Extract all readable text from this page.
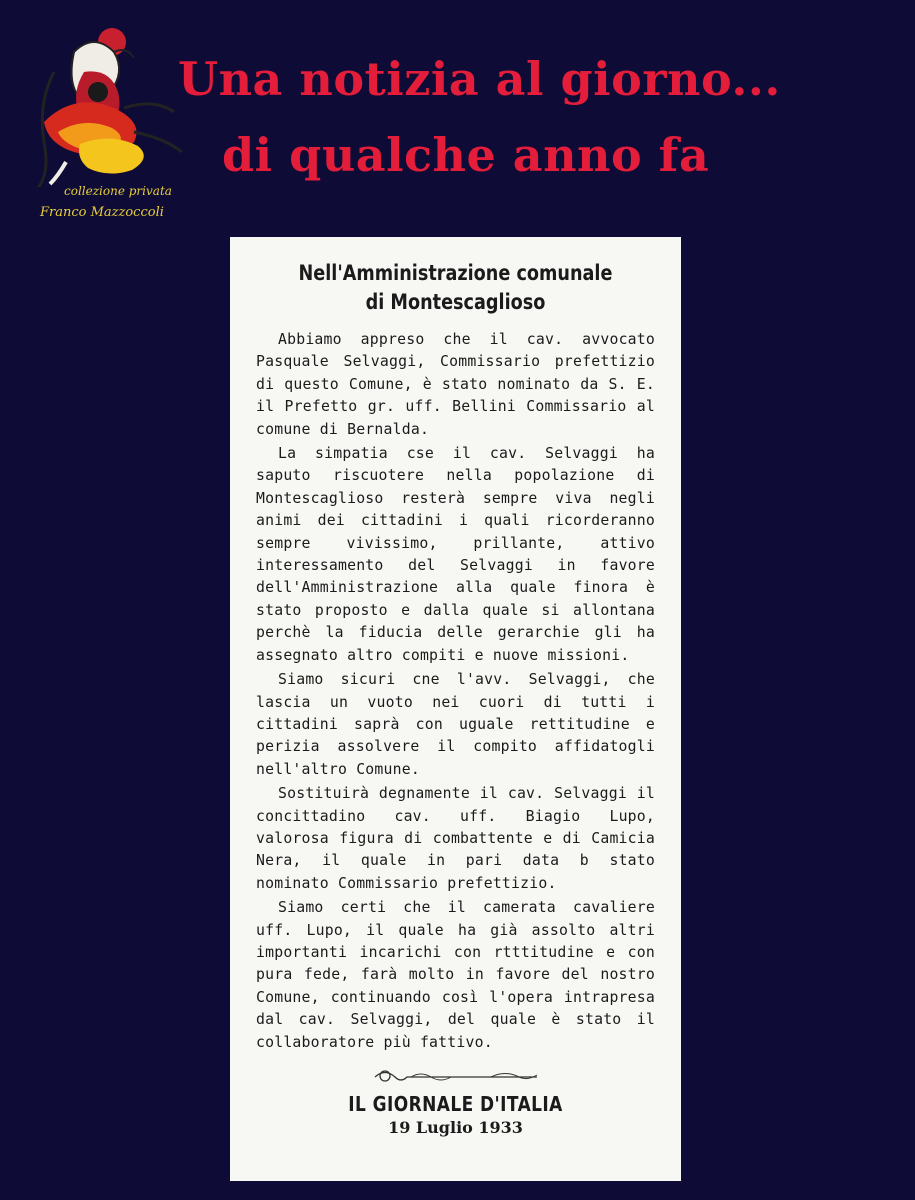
collezione privata
Franco Mazzoccoli
Una notizia al giorno...
di qualche anno fa
Nell'Amministrazione comunale
di Montescaglioso

Abbiamo appreso che il cav. avvocato Pasquale Selvaggi, Commissario prefettizio di questo Comune, è stato nominato da S. E. il Prefetto gr. uff. Bellini Commissario al comune di Bernalda.

La simpatia cse il cav. Selvaggi ha saputo riscuotere nella popolazione di Montescaglioso resterà sempre viva negli animi dei cittadini i quali ricorderanno sempre vivissimo, prillante, attivo interessamento del Selvaggi in favore dell'Amministrazione alla quale finora è stato proposto e dalla quale si allontana perchè la fiducia delle gerarchie gli ha assegnato altro compiti e nuove missioni.

Siamo sicuri cne l'avv. Selvaggi, che lascia un vuoto nei cuori di tutti i cittadini saprà con uguale rettitudine e perizia assolvere il compito affidatogli nell'altro Comune.

Sostituirà degnamente il cav. Selvaggi il concittadino cav. uff. Biagio Lupo, valorosa figura di combattente e di Camicia Nera, il quale in pari data b stato nominato Commissario prefettizio.

Siamo certi che il camerata cavaliere uff. Lupo, il quale ha già assolto altri importanti incarichi con rtttitudine e con pura fede, farà molto in favore del nostro Comune, continuando così l'opera intrapresa dal cav. Selvaggi, del quale è stato il collaboratore più fattivo.

IL GIORNALE D'ITALIA
19 Luglio 1933
